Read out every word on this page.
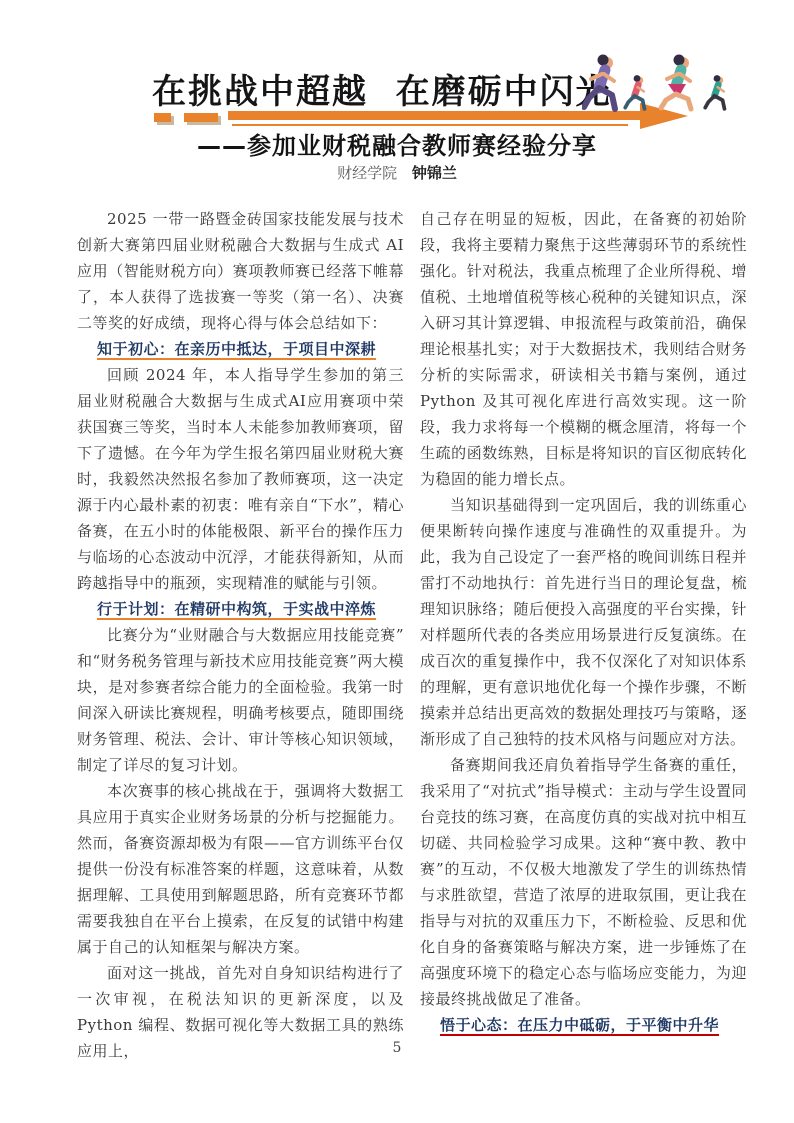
在挑战中超越  在磨砺中闪光
——参加业财税融合教师赛经验分享
财经学院 钟锦兰

2025 一带一路暨金砖国家技能发展与技术创新大赛第四届业财税融合大数据与生成式 AI 应用（智能财税方向）赛项教师赛已经落下帷幕了，本人获得了选拔赛一等奖（第一名）、决赛二等奖的好成绩，现将心得与体会总结如下：

知于初心：在亲历中抵达，于项目中深耕

回顾 2024 年，本人指导学生参加的第三届业财税融合大数据与生成式AI应用赛项中荣获国赛三等奖，当时本人未能参加教师赛项，留下了遗憾。在今年为学生报名第四届业财税大赛时，我毅然决然报名参加了教师赛项，这一决定源于内心最朴素的初衷：唯有亲自“下水”，精心备赛，在五小时的体能极限、新平台的操作压力与临场的心态波动中沉浮，才能获得新知，从而跨越指导中的瓶颈，实现精准的赋能与引领。

行于计划：在精研中构筑，于实战中淬炼

比赛分为“业财融合与大数据应用技能竞赛”和“财务税务管理与新技术应用技能竞赛”两大模块，是对参赛者综合能力的全面检验。我第一时间深入研读比赛规程，明确考核要点，随即围绕财务管理、税法、会计、审计等核心知识领域，制定了详尽的复习计划。

本次赛事的核心挑战在于，强调将大数据工具应用于真实企业财务场景的分析与挖掘能力。然而，备赛资源却极为有限——官方训练平台仅提供一份没有标准答案的样题，这意味着，从数据理解、工具使用到解题思路，所有竞赛环节都需要我独自在平台上摸索，在反复的试错中构建属于自己的认知框架与解决方案。

面对这一挑战，首先对自身知识结构进行了一次审视，在税法知识的更新深度，以及 Python 编程、数据可视化等大数据工具的熟练应用上，

自己存在明显的短板，因此，在备赛的初始阶段，我将主要精力聚焦于这些薄弱环节的系统性强化。针对税法，我重点梳理了企业所得税、增值税、土地增值税等核心税种的关键知识点，深入研习其计算逻辑、申报流程与政策前沿，确保理论根基扎实；对于大数据技术，我则结合财务分析的实际需求，研读相关书籍与案例，通过 Python 及其可视化库进行高效实现。这一阶段，我力求将每一个模糊的概念厘清，将每一个生疏的函数练熟，目标是将知识的盲区彻底转化为稳固的能力增长点。

当知识基础得到一定巩固后，我的训练重心便果断转向操作速度与准确性的双重提升。为此，我为自己设定了一套严格的晚间训练日程并雷打不动地执行：首先进行当日的理论复盘，梳理知识脉络；随后便投入高强度的平台实操，针对样题所代表的各类应用场景进行反复演练。在成百次的重复操作中，我不仅深化了对知识体系的理解，更有意识地优化每一个操作步骤，不断摸索并总结出更高效的数据处理技巧与策略，逐渐形成了自己独特的技术风格与问题应对方法。

备赛期间我还肩负着指导学生备赛的重任，我采用了“对抗式”指导模式：主动与学生设置同台竞技的练习赛，在高度仿真的实战对抗中相互切磋、共同检验学习成果。这种“赛中教、教中赛”的互动，不仅极大地激发了学生的训练热情与求胜欲望，营造了浓厚的进取氛围，更让我在指导与对抗的双重压力下，不断检验、反思和优化自身的备赛策略与解决方案，进一步锤炼了在高强度环境下的稳定心态与临场应变能力，为迎接最终挑战做足了准备。

悟于心态：在压力中砥砺，于平衡中升华
5
